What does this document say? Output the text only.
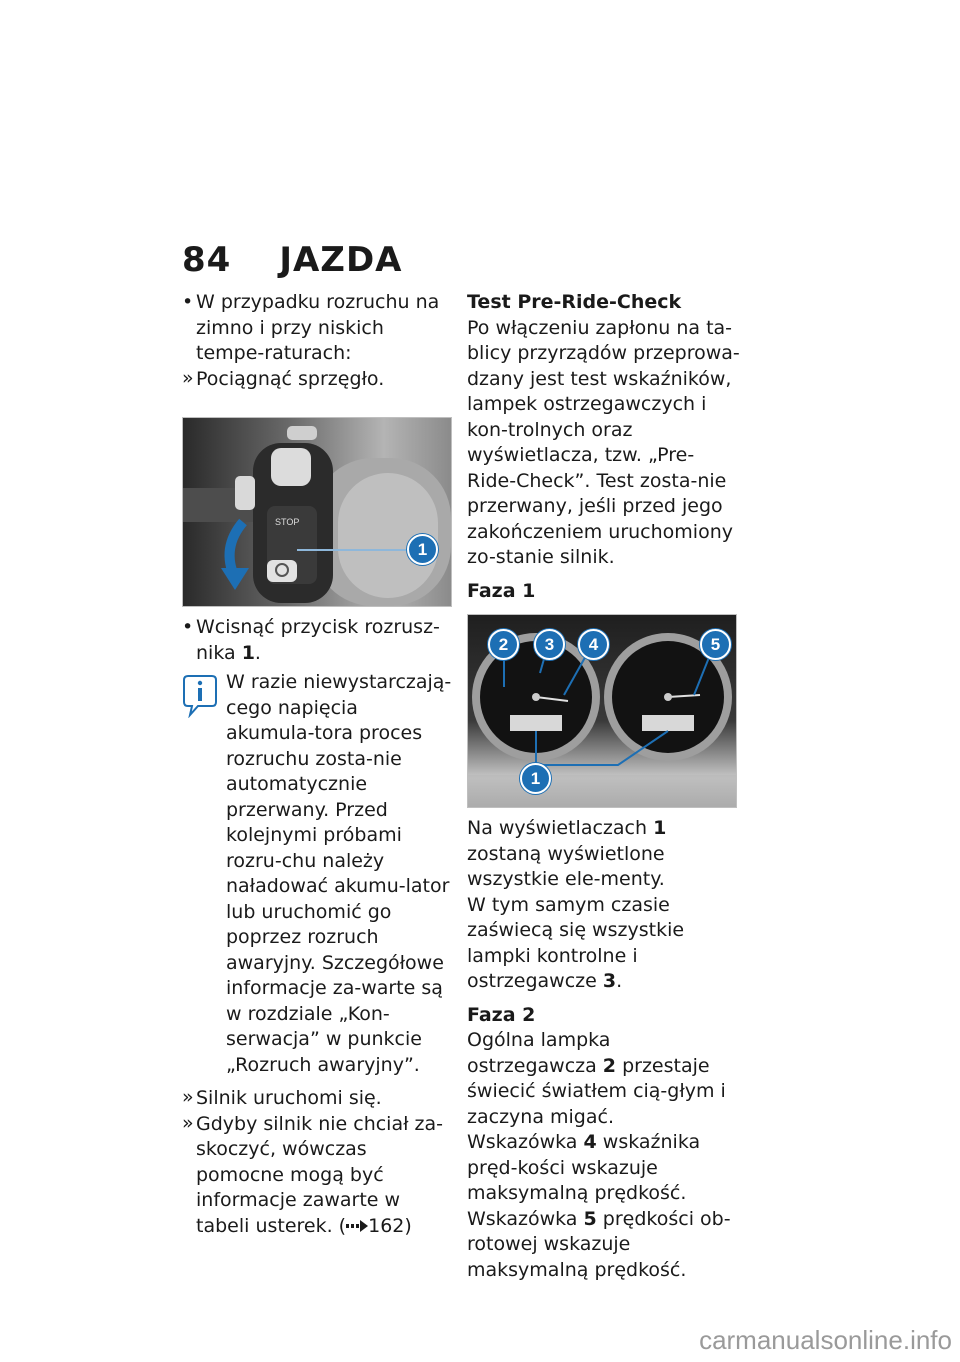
84 JAZDA

• W przypadku rozruchu na zimno i przy niskich tempe-raturach:

» Pociągnąć sprzęgło.

STOP
1

• Wcisnąć przycisk rozrusz-nika 1.

W razie niewystarczają-cego napięcia akumula-tora proces rozruchu zosta-nie automatycznie przerwany. Przed kolejnymi próbami rozru-chu należy naładować akumu-lator lub uruchomić go poprzez rozruch awaryjny. Szczegółowe informacje za-warte są w rozdziale „Kon-serwacja” w punkcie „Rozruch awaryjny”.

» Silnik uruchomi się.

» Gdyby silnik nie chciał za-skoczyć, wówczas pomocne mogą być informacje zawarte w tabeli usterek. ( 162)

Test Pre-Ride-Check

Po włączeniu zapłonu na ta-blicy przyrządów przeprowa-dzany jest test wskaźników, lampek ostrzegawczych i kon-trolnych oraz wyświetlacza, tzw. „Pre-Ride-Check”. Test zosta-nie przerwany, jeśli przed jego zakończeniem uruchomiony zo-stanie silnik.

Faza 1

2	3	4	5
1

Na wyświetlaczach 1 zostaną wyświetlone wszystkie ele-menty.

W tym samym czasie zaświecą się wszystkie lampki kontrolne i ostrzegawcze 3.

Faza 2

Ogólna lampka ostrzegawcza 2 przestaje świecić światłem cią-głym i zaczyna migać.

Wskazówka 4 wskaźnika pręd-kości wskazuje maksymalną prędkość.

Wskazówka 5 prędkości ob-rotowej wskazuje maksymalną prędkość.

carmanualsonline.info
